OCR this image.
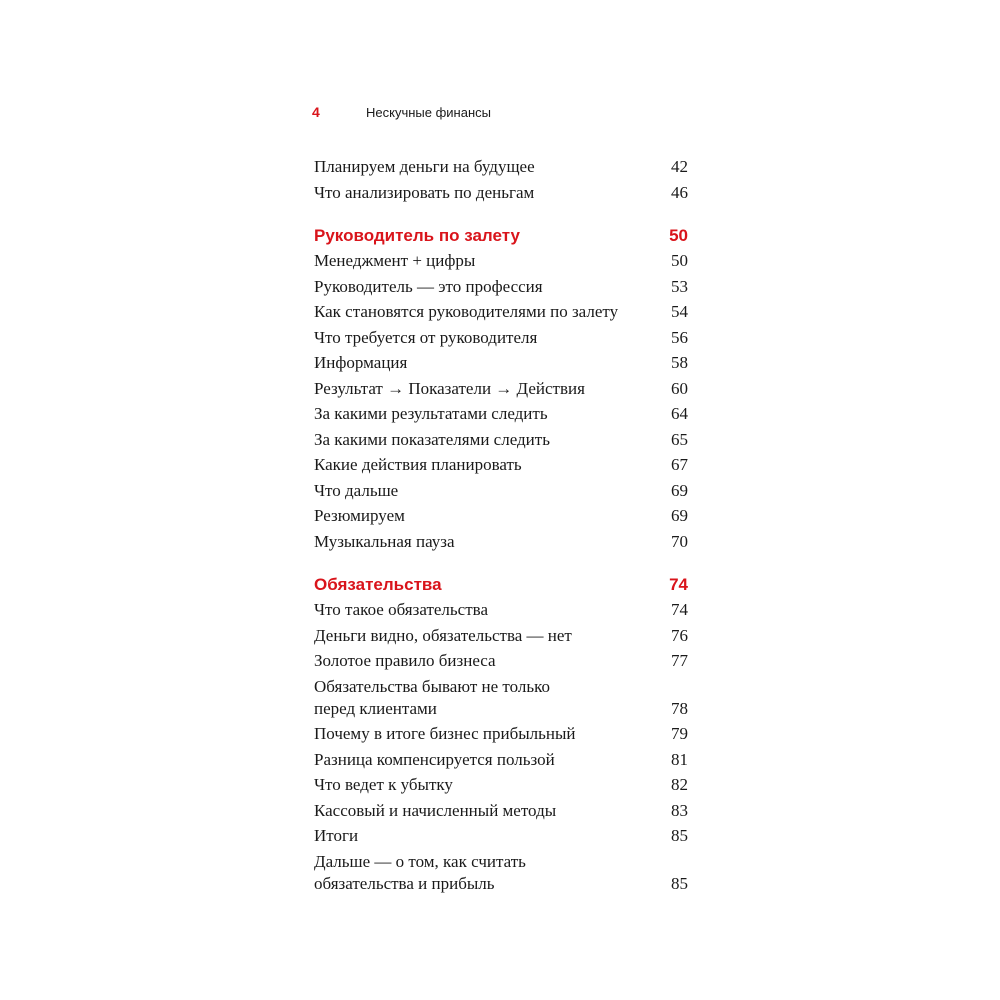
4	Нескучные финансы
Планируем деньги на будущее	42
Что анализировать по деньгам	46
Руководитель по залету	50
Менеджмент + цифры	50
Руководитель — это профессия	53
Как становятся руководителями по залету	54
Что требуется от руководителя	56
Информация	58
Результат → Показатели → Действия	60
За какими результатами следить	64
За какими показателями следить	65
Какие действия планировать	67
Что дальше	69
Резюмируем	69
Музыкальная пауза	70
Обязательства	74
Что такое обязательства	74
Деньги видно, обязательства — нет	76
Золотое правило бизнеса	77
Обязательства бывают не только
перед клиентами	78
Почему в итоге бизнес прибыльный	79
Разница компенсируется пользой	81
Что ведет к убытку	82
Кассовый и начисленный методы	83
Итоги	85
Дальше — о том, как считать
обязательства и прибыль	85
